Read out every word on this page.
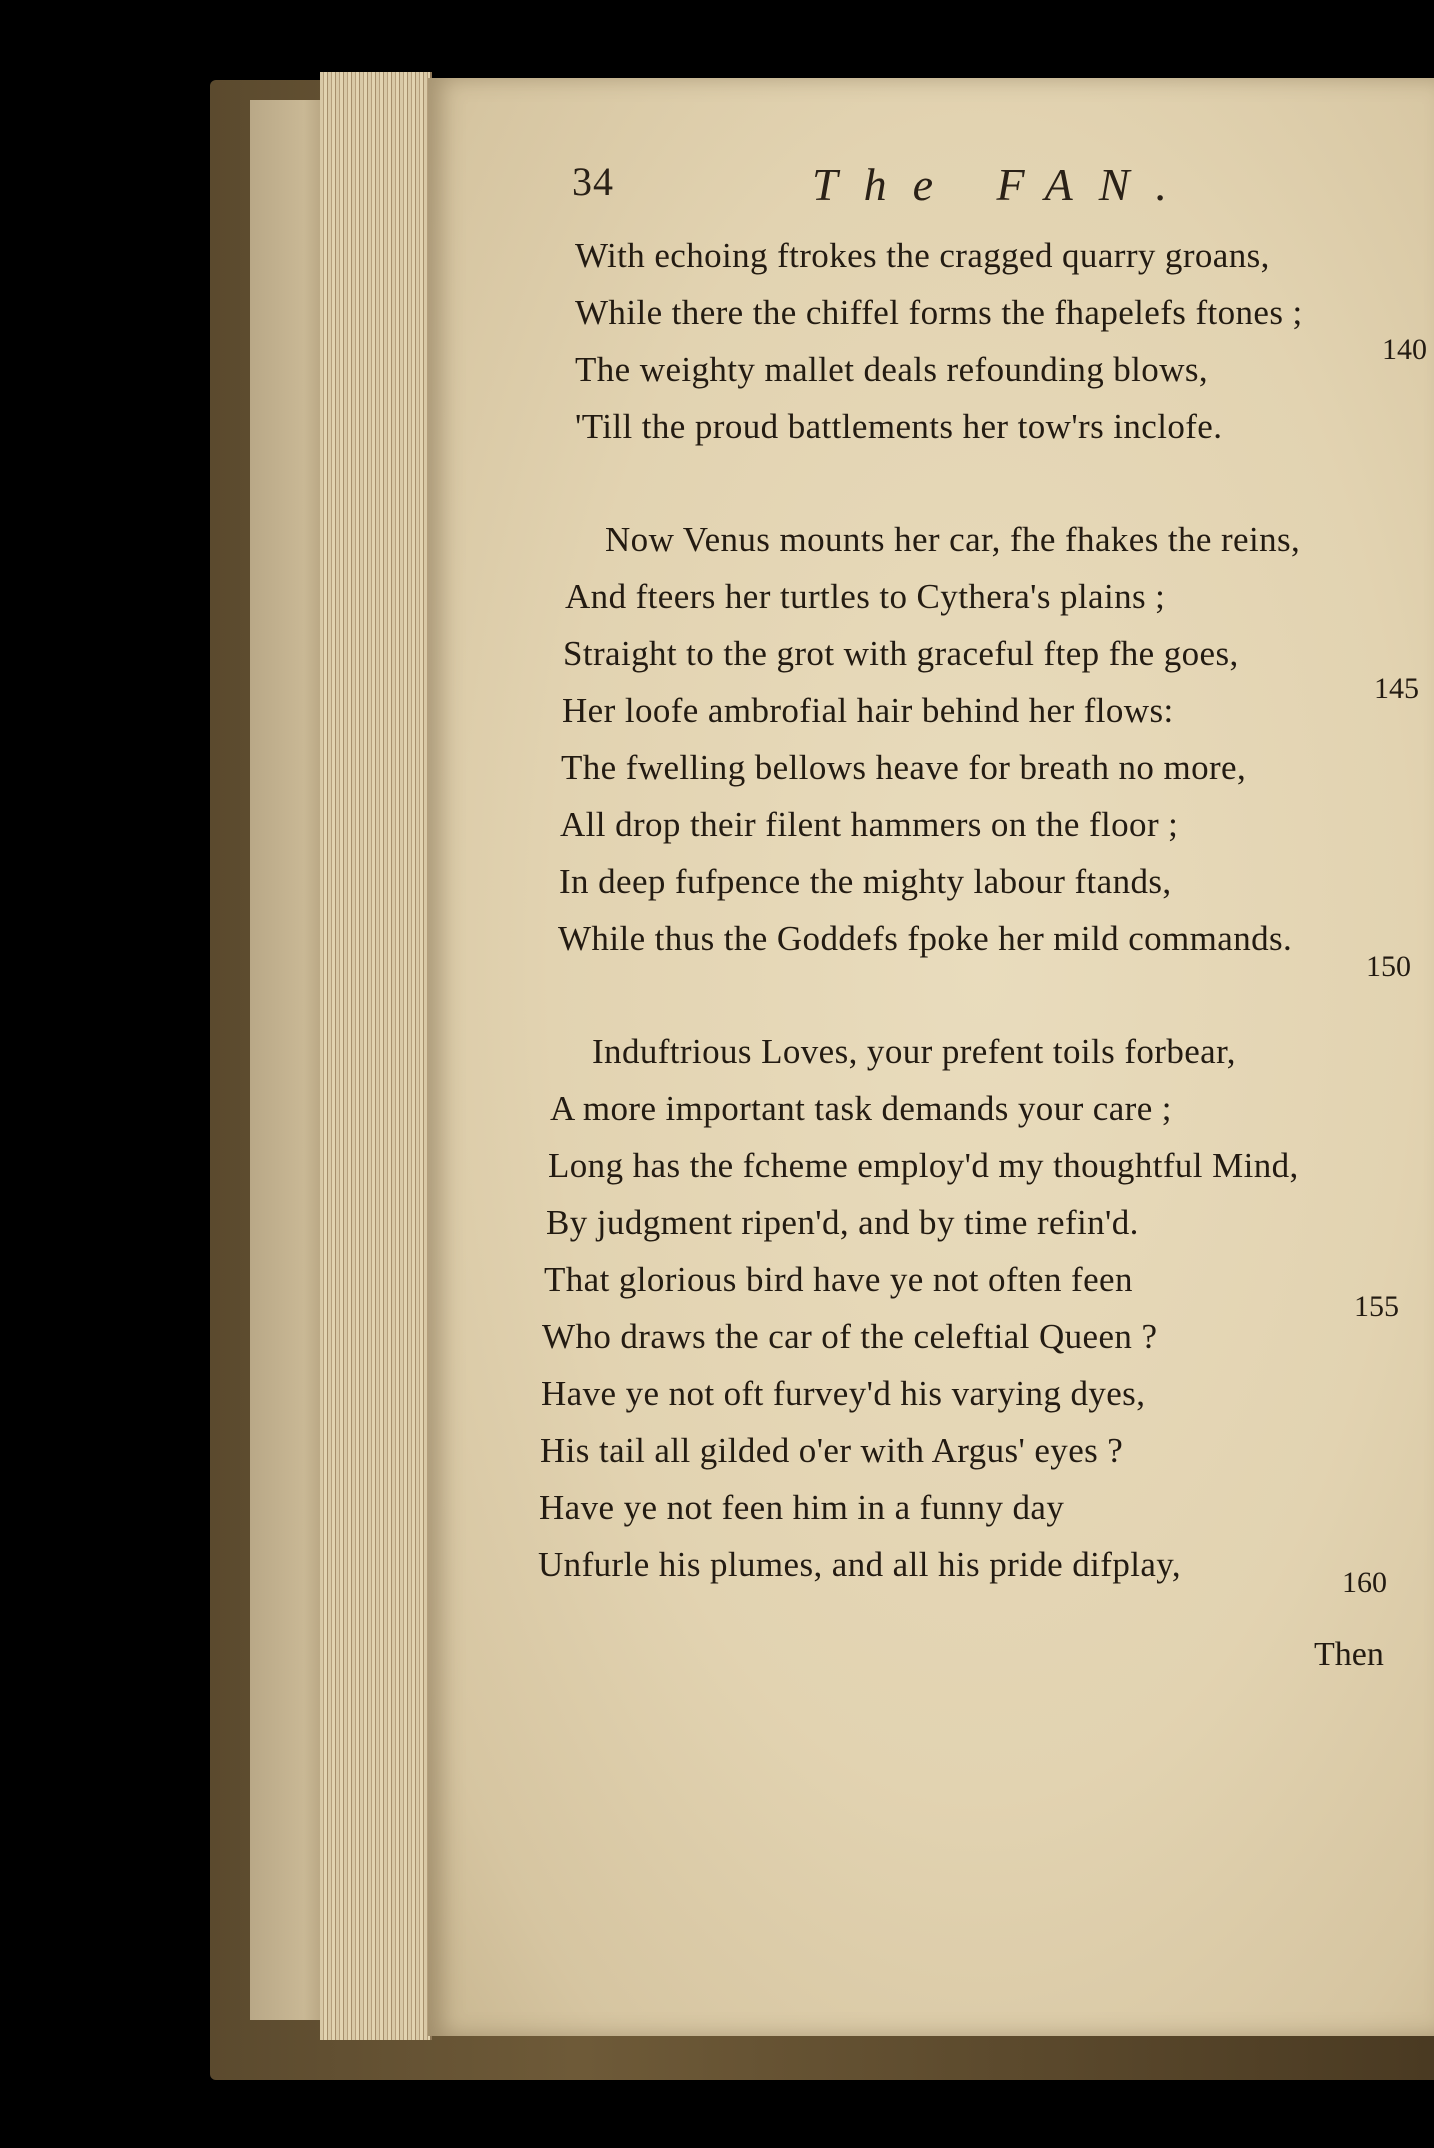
34	The FAN.
With echoing ftrokes the cragged quarry groans,
While there the chiffel forms the fhapelefs ftones ;
The weighty mallet deals refounding blows,
'Till the proud battlements her tow'rs inclofe.
Now Venus mounts her car, fhe fhakes the reins,
And fteers her turtles to Cythera's plains ;
Straight to the grot with graceful ftep fhe goes,
Her loofe ambrofial hair behind her flows:
The fwelling bellows heave for breath no more,
All drop their filent hammers on the floor ;
In deep fufpence the mighty labour ftands,
While thus the Goddefs fpoke her mild commands.
Induftrious Loves, your prefent toils forbear,
A more important task demands your care ;
Long has the fcheme employ'd my thoughtful Mind,
By judgment ripen'd, and by time refin'd.
That glorious bird have ye not often feen
Who draws the car of the celeftial Queen ?
Have ye not oft furvey'd his varying dyes,
His tail all gilded o'er with Argus' eyes ?
Have ye not feen him in a funny day
Unfurle his plumes, and all his pride difplay,
140
145
150
155
160
Then
